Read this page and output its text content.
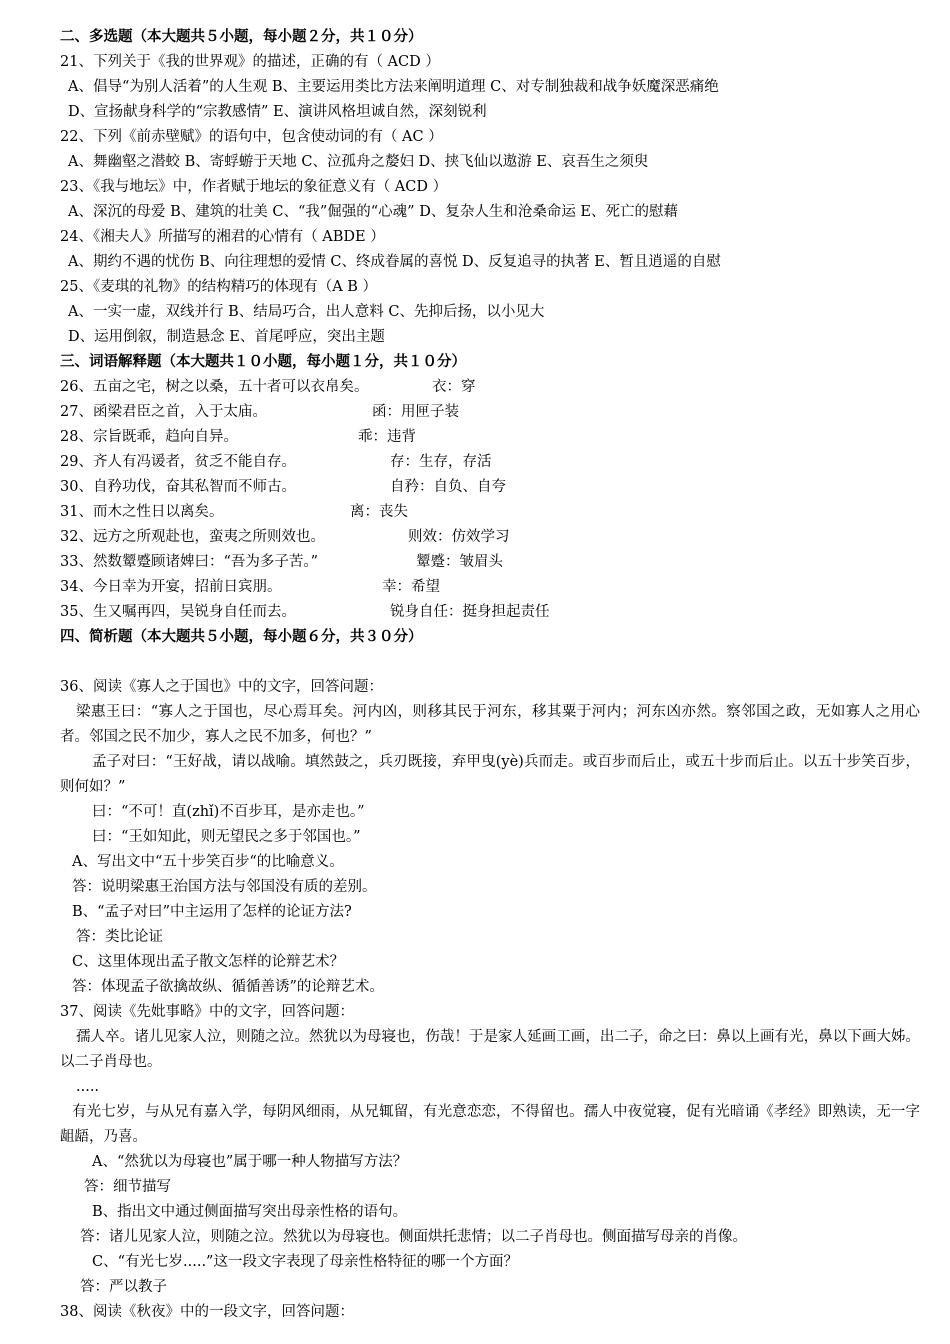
二、多选题（本大题共５小题，每小题２分，共１０分）
21、下列关于《我的世界观》的描述，正确的有（ ACD ）
A、倡导“为别人活着”的人生观 B、主要运用类比方法来阐明道理 C、对专制独裁和战争妖魔深恶痛绝
D、宣扬献身科学的“宗教感情” E、演讲风格坦诚自然，深刻锐利
22、下列《前赤壁赋》的语句中，包含使动词的有（ AC ）
A、舞幽壑之潜蛟 B、寄蜉蝣于天地 C、泣孤舟之嫠妇 D、挟飞仙以遨游 E、哀吾生之须臾
23、《我与地坛》中，作者赋于地坛的象征意义有（ ACD ）
A、深沉的母爱 B、建筑的壮美 C、“我”倔强的“心魂” D、复杂人生和沧桑命运 E、死亡的慰藉
24、《湘夫人》所描写的湘君的心情有（ ABDE ）
A、期约不遇的忧伤 B、向往理想的爱情 C、终成眷属的喜悦 D、反复追寻的执著 E、暂且逍遥的自慰
25、《麦琪的礼物》的结构精巧的体现有（A B ）
A、一实一虚，双线并行 B、结局巧合，出人意料 C、先抑后扬，以小见大
D、运用倒叙，制造悬念 E、首尾呼应，突出主题
三、词语解释题（本大题共１０小题，每小题１分，共１０分）
26、五亩之宅，树之以桑，五十者可以衣帛矣。	衣：穿
27、函梁君臣之首，入于太庙。	函：用匣子装
28、宗旨既乖，趋向自异。	乖：违背
29、齐人有冯谖者，贫乏不能自存。	存：生存，存活
30、自矜功伐，奋其私智而不师古。	自矜：自负、自夸
31、而木之性日以离矣。	离：丧失
32、远方之所观赴也，蛮夷之所则效也。	则效：仿效学习
33、然数颦蹙顾诸婢曰：“吾为多子苦。”	颦蹙：皱眉头
34、今日幸为开宴，招前日宾朋。	幸：希望
35、生又嘱再四，吴锐身自任而去。	锐身自任：挺身担起责任
四、简析题（本大题共５小题，每小题６分，共３０分）
36、阅读《寡人之于国也》中的文字，回答问题：
梁惠王曰：“寡人之于国也，尽心焉耳矣。河内凶，则移其民于河东，移其粟于河内；河东凶亦然。察邻国之政，无如寡人之用心者。邻国之民不加少，寡人之民不加多，何也？”
孟子对曰：“王好战，请以战喻。填然鼓之，兵刃既接，弃甲曳(yè)兵而走。或百步而后止，或五十步而后止。以五十步笑百步，则何如？”
曰：“不可！直(zhǐ)不百步耳，是亦走也。”
曰：“王如知此，则无望民之多于邻国也。”
A、写出文中“五十步笑百步“的比喻意义。
答：说明梁惠王治国方法与邻国没有质的差别。
B、“孟子对曰”中主运用了怎样的论证方法?
答：类比论证
C、这里体现出孟子散文怎样的论辩艺术？
答：体现孟子欲擒故纵、循循善诱”的论辩艺术。
37、阅读《先妣事略》中的文字，回答问题：
孺人卒。诸儿见家人泣，则随之泣。然犹以为母寝也，伤哉！于是家人延画工画，出二子，命之曰：鼻以上画有光，鼻以下画大姊。以二子肖母也。
.....
有光七岁，与从兄有嘉入学，每阴风细雨，从兄辄留，有光意恋恋，不得留也。孺人中夜觉寝，促有光暗诵《孝经》即熟读，无一字龃龉，乃喜。
A、“然犹以为母寝也”属于哪一种人物描写方法？
答：细节描写
B、指出文中通过侧面描写突出母亲性格的语句。
答：诸儿见家人泣，则随之泣。然犹以为母寝也。侧面烘托悲情；以二子肖母也。侧面描写母亲的肖像。
C、“有光七岁.....”这一段文字表现了母亲性格特征的哪一个方面？
答：严以教子
38、阅读《秋夜》中的一段文字，回答问题：
